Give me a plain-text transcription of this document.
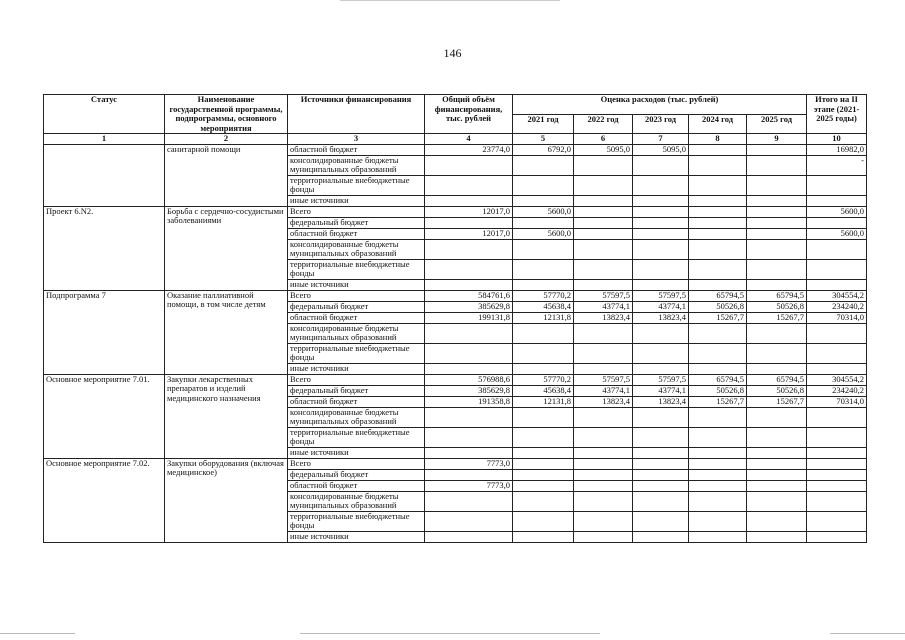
146
Статус	Наименование государственной программы, подпрограммы, основного мероприятия	Источники финансирования	Общий объём финансирования, тыс. рублей	Оценка расходов (тыс. рублей)					Итого на II этапе (2021-2025 годы)
				2021 год	2022 год	2023 год	2024 год	2025 год	
1	2	3	4	5	6	7	8	9	10
	санитарной помощи	областной бюджет	23774,0	6792,0	5095,0	5095,0			16982,0
		консолидированные бюджеты муниципальных образований							-
		территориальные внебюджетные фонды							
		иные источники							
Проект 6.N2.	Борьба с сердечно-сосудистыми заболеваниями	Всего	12017,0	5600,0					5600,0
		федеральный бюджет							
		областной бюджет	12017,0	5600,0					5600,0
		консолидированные бюджеты муниципальных образований							
		территориальные внебюджетные фонды							
		иные источники							
Подпрограмма 7	Оказание паллиативной помощи, в том числе детям	Всего	584761,6	57770,2	57597,5	57597,5	65794,5	65794,5	304554,2
		федеральный бюджет	385629,8	45638,4	43774,1	43774,1	50526,8	50526,8	234240,2
		областной бюджет	199131,8	12131,8	13823,4	13823,4	15267,7	15267,7	70314,0
		консолидированные бюджеты муниципальных образований							
		территориальные внебюджетные фонды							
		иные источники							
Основное мероприятие 7.01.	Закупки лекарственных препаратов и изделий медицинского назначения	Всего	576988,6	57770,2	57597,5	57597,5	65794,5	65794,5	304554,2
		федеральный бюджет	385629,8	45638,4	43774,1	43774,1	50526,8	50526,8	234240,2
		областной бюджет	191358,8	12131,8	13823,4	13823,4	15267,7	15267,7	70314,0
		консолидированные бюджеты муниципальных образований							
		территориальные внебюджетные фонды							
		иные источники							
Основное мероприятие 7.02.	Закупки оборудования (включая медицинское)	Всего	7773,0						
		федеральный бюджет							
		областной бюджет	7773,0						
		консолидированные бюджеты муниципальных образований							
		территориальные внебюджетные фонды							
		иные источники							
